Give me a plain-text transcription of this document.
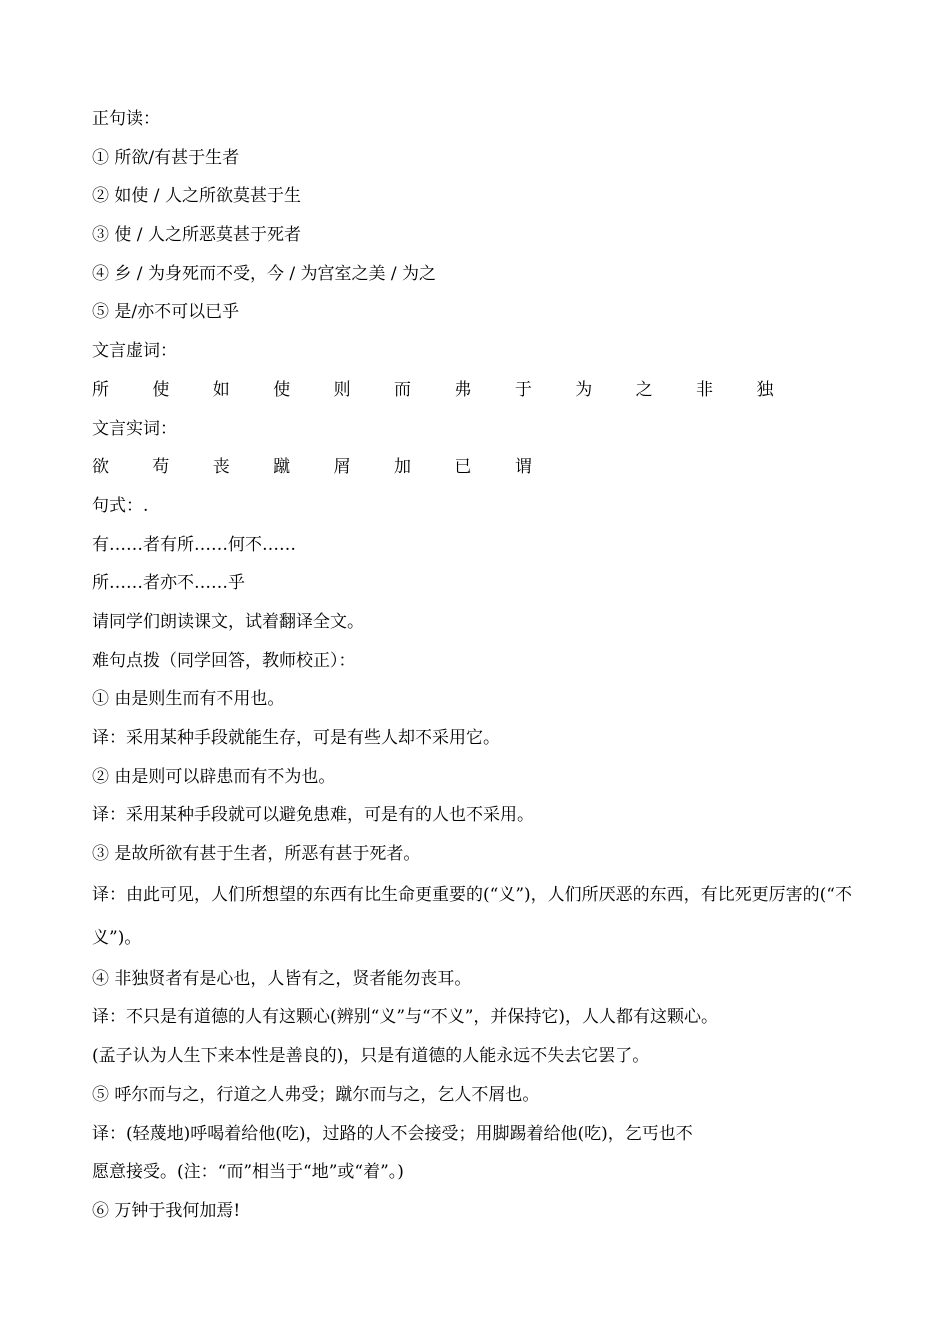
正句读：
① 所欲/有甚于生者
② 如使 / 人之所欲莫甚于生
③ 使 / 人之所恶莫甚于死者
④ 乡 / 为身死而不受，今 / 为宫室之美 / 为之
⑤ 是/亦不可以已乎
文言虚词：
所 使 如 使 则 而 弗 于 为 之 非 独
文言实词：
欲 苟 丧 蹴 屑 加 已 谓
句式：.
有……者有所……何不……
所……者亦不……乎
请同学们朗读课文，试着翻译全文。
难句点拨（同学回答，教师校正）：
① 由是则生而有不用也。
译：采用某种手段就能生存，可是有些人却不采用它。
② 由是则可以辟患而有不为也。
译：采用某种手段就可以避免患难，可是有的人也不采用。
③ 是故所欲有甚于生者，所恶有甚于死者。
译：由此可见，人们所想望的东西有比生命更重要的(“义”)，人们所厌恶的东西，有比死更厉害的(“不义”)。
④ 非独贤者有是心也，人皆有之，贤者能勿丧耳。
译：不只是有道德的人有这颗心(辨别“义”与“不义”，并保持它)，人人都有这颗心。
(孟子认为人生下来本性是善良的)，只是有道德的人能永远不失去它罢了。
⑤ 呼尔而与之，行道之人弗受；蹴尔而与之，乞人不屑也。
译：(轻蔑地)呼喝着给他(吃)，过路的人不会接受；用脚踢着给他(吃)，乞丐也不
愿意接受。(注：“而”相当于“地”或“着”。)
⑥ 万钟于我何加焉!
